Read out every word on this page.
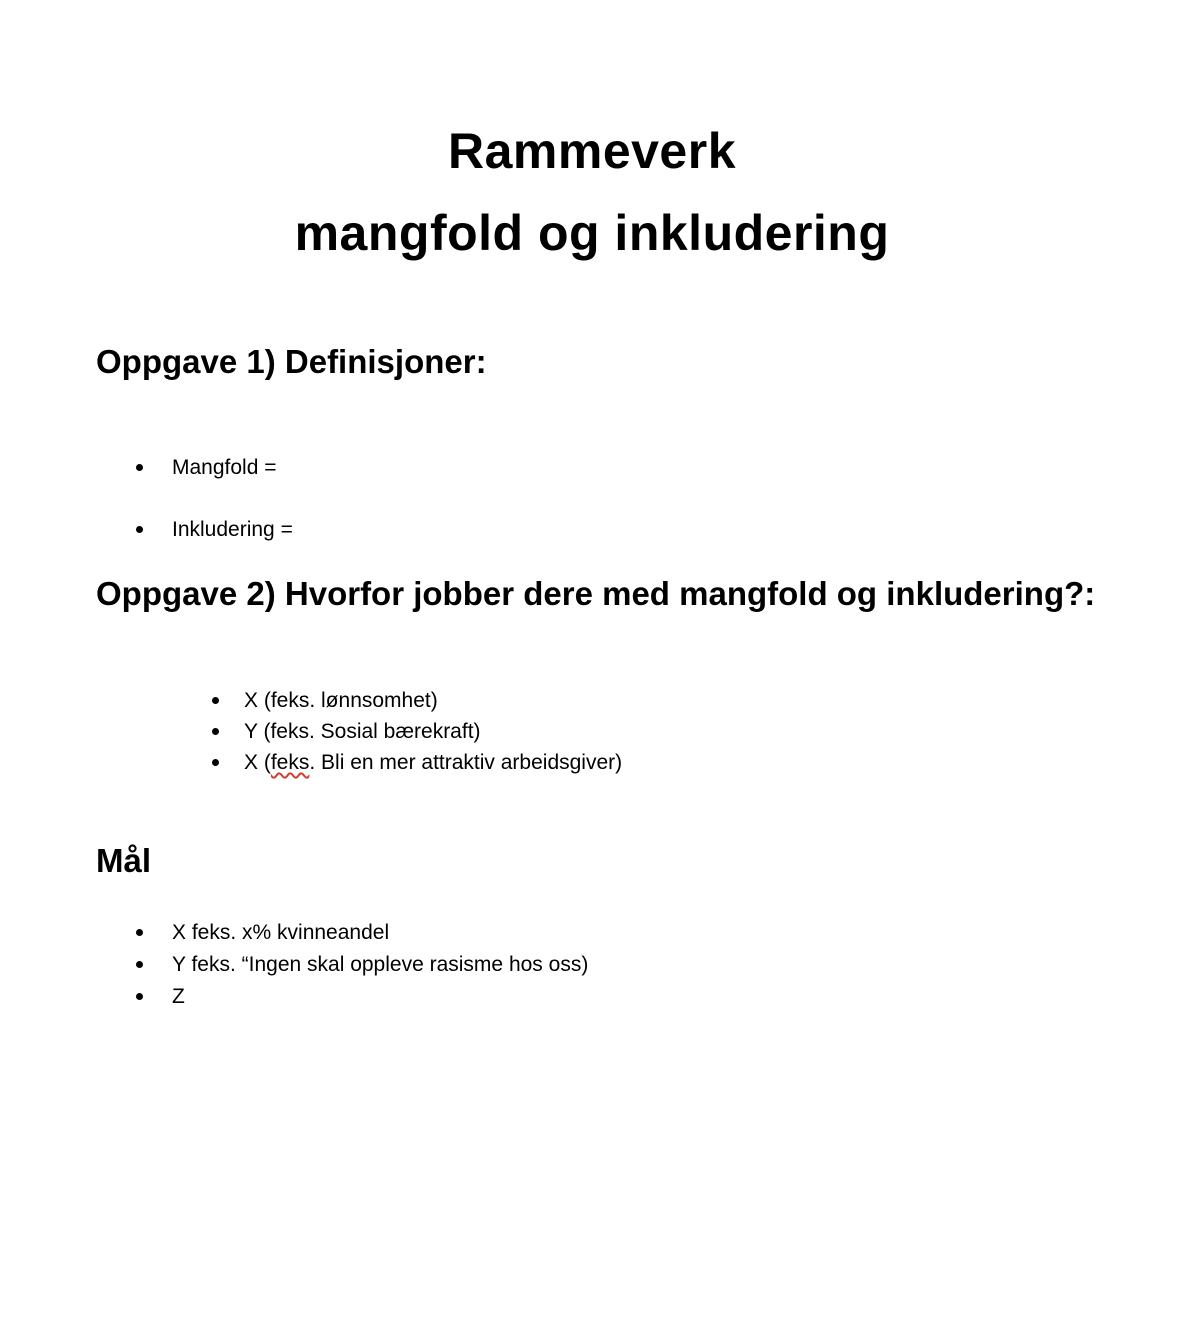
Rammeverk
mangfold og inkludering
Oppgave 1) Definisjoner:
Mangfold =
Inkludering =
Oppgave 2) Hvorfor jobber dere med mangfold og inkludering?:
X (feks. lønnsomhet)
Y (feks. Sosial bærekraft)
X (feks. Bli en mer attraktiv arbeidsgiver)
Mål
X feks. x% kvinneandel
Y feks. “Ingen skal oppleve rasisme hos oss)
Z
